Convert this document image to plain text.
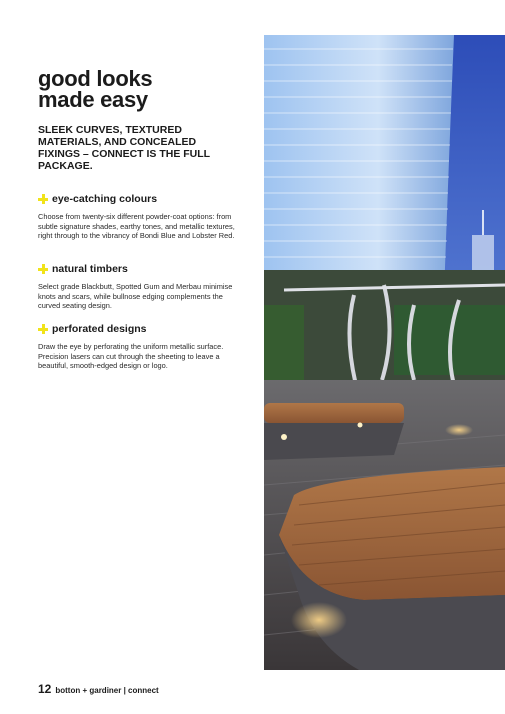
good looks
made easy
SLEEK CURVES, TEXTURED MATERIALS, AND CONCEALED FIXINGS – CONNECT IS THE FULL PACKAGE.
eye-catching colours
Choose from twenty-six different powder-coat options: from subtle signature shades, earthy tones, and metallic textures, right through to the vibrancy of Bondi Blue and Lobster Red.
natural timbers
Select grade Blackbutt, Spotted Gum and Merbau minimise knots and scars, while bullnose edging complements the curved seating design.
perforated designs
Draw the eye by perforating the uniform metallic surface. Precision lasers can cut through the sheeting to leave a beautiful, smooth-edged design or logo.
12 botton + gardiner | connect
